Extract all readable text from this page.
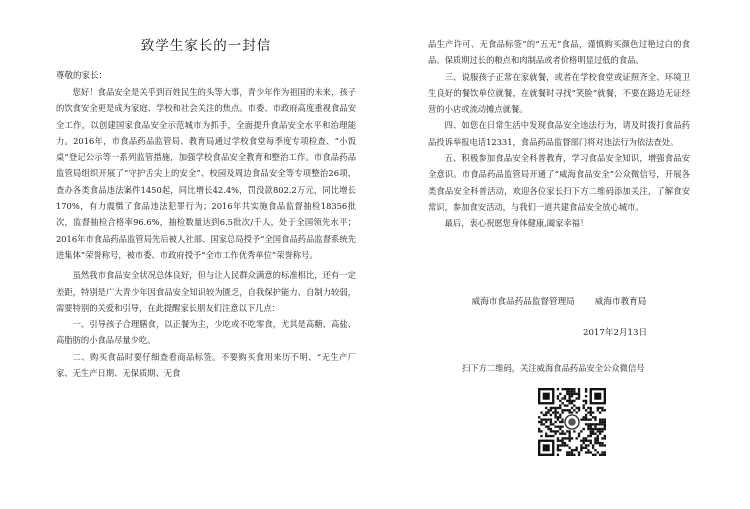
致学生家长的一封信
尊敬的家长：

您好！食品安全是关乎到百姓民生的头等大事，青少年作为祖国的未来，孩子的饮食安全更是成为家庭、学校和社会关注的焦点。市委、市政府高度重视食品安全工作，以创建国家食品安全示范城市为抓手，全面提升食品安全水平和治理能力。2016年，市食品药品监管局、教育局通过学校食堂每季度专项检查、“小饭桌”登记公示等一系列监管措施，加强学校食品安全教育和整治工作。市食品药品监管局组织开展了“守护舌尖上的安全”、校园及周边食品安全等专项整治26项，查办各类食品违法案件1450起，同比增长42.4%，罚没款802.2万元，同比增长170%，有力震慑了食品违法犯罪行为；2016年共实施食品监督抽检18356批次，监督抽检合格率96.6%，抽检数量达到6.5批次/千人，处于全国领先水平；2016年市食品药品监管局先后被人社部、国家总局授予“全国食品药品监督系统先进集体”荣誉称号，被市委、市政府授予“全市工作优秀单位”荣誉称号。

虽然我市食品安全状况总体良好，但与让人民群众满意的标准相比，还有一定差距，特别是广大青少年因食品安全知识较为匮乏，自我保护能力、自制力较弱，需要特别的关爱和引导，在此提醒家长朋友们注意以下几点：

一、引导孩子合理膳食，以正餐为主，少吃或不吃零食，尤其是高糖、高盐、高脂肪的小食品尽量少吃。

二、购买食品时要仔细查看商品标签。不要购买食用来历不明、“无生产厂家、无生产日期、无保质期、无食

品生产许可、无食品标签”的“五无”食品，谨慎购买颜色过艳过白的食品、保质期过长的粮点和肉制品或者价格明显过低的食品。

三、说服孩子正常在家就餐，或者在学校食堂或证照齐全、环境卫生良好的餐饮单位就餐，在就餐时寻找“笑脸”就餐，不要在路边无证经营的小店或流动摊点就餐。

四、如您在日常生活中发现食品安全违法行为，请及时拨打食品药品投诉举报电话12331，食品药品监督部门将对违法行为依法查处。

五、积极参加食品安全科普教育，学习食品安全知识，增强食品安全意识。市食品药品监管局开通了“威海食品安全”公众微信号，开展各类食品安全科普活动，欢迎各位家长扫下方二维码添加关注，了解食安常识，参加食安活动，与我们一道共建食品安全放心城市。

最后，衷心祝愿您身体健康,阖家幸福！

威海市食品药品监督管理局 威海市教育局
2017年2月13日
扫下方二维码，关注威海食品药品安全公众微信号
